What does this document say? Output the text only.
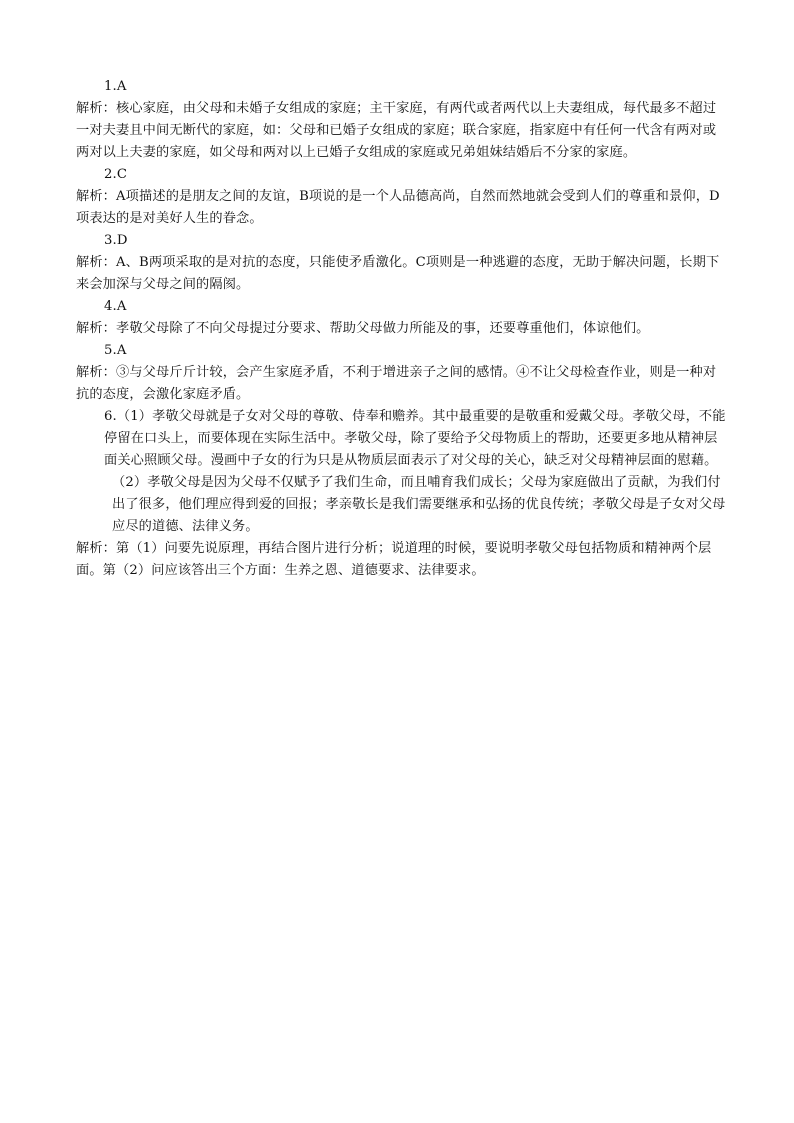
1.A
解析：核心家庭，由父母和未婚子女组成的家庭；主干家庭，有两代或者两代以上夫妻组成，每代最多不超过一对夫妻且中间无断代的家庭，如：父母和已婚子女组成的家庭；联合家庭，指家庭中有任何一代含有两对或两对以上夫妻的家庭，如父母和两对以上已婚子女组成的家庭或兄弟姐妹结婚后不分家的家庭。
2.C
解析：A项描述的是朋友之间的友谊，B项说的是一个人品德高尚，自然而然地就会受到人们的尊重和景仰，D项表达的是对美好人生的眷念。
3.D
解析：A、B两项采取的是对抗的态度，只能使矛盾激化。C项则是一种逃避的态度，无助于解决问题，长期下来会加深与父母之间的隔阂。
4.A
解析：孝敬父母除了不向父母提过分要求、帮助父母做力所能及的事，还要尊重他们，体谅他们。
5.A
解析：③与父母斤斤计较，会产生家庭矛盾，不利于增进亲子之间的感情。④不让父母检查作业，则是一种对抗的态度，会激化家庭矛盾。
6.（1）孝敬父母就是子女对父母的尊敬、侍奉和赡养。其中最重要的是敬重和爱戴父母。孝敬父母，不能停留在口头上，而要体现在实际生活中。孝敬父母，除了要给予父母物质上的帮助，还要更多地从精神层面关心照顾父母。漫画中子女的行为只是从物质层面表示了对父母的关心，缺乏对父母精神层面的慰藉。
（2）孝敬父母是因为父母不仅赋予了我们生命，而且哺育我们成长；父母为家庭做出了贡献，为我们付出了很多，他们理应得到爱的回报；孝亲敬长是我们需要继承和弘扬的优良传统；孝敬父母是子女对父母应尽的道德、法律义务。
解析：第（1）问要先说原理，再结合图片进行分析；说道理的时候，要说明孝敬父母包括物质和精神两个层面。第（2）问应该答出三个方面：生养之恩、道德要求、法律要求。
